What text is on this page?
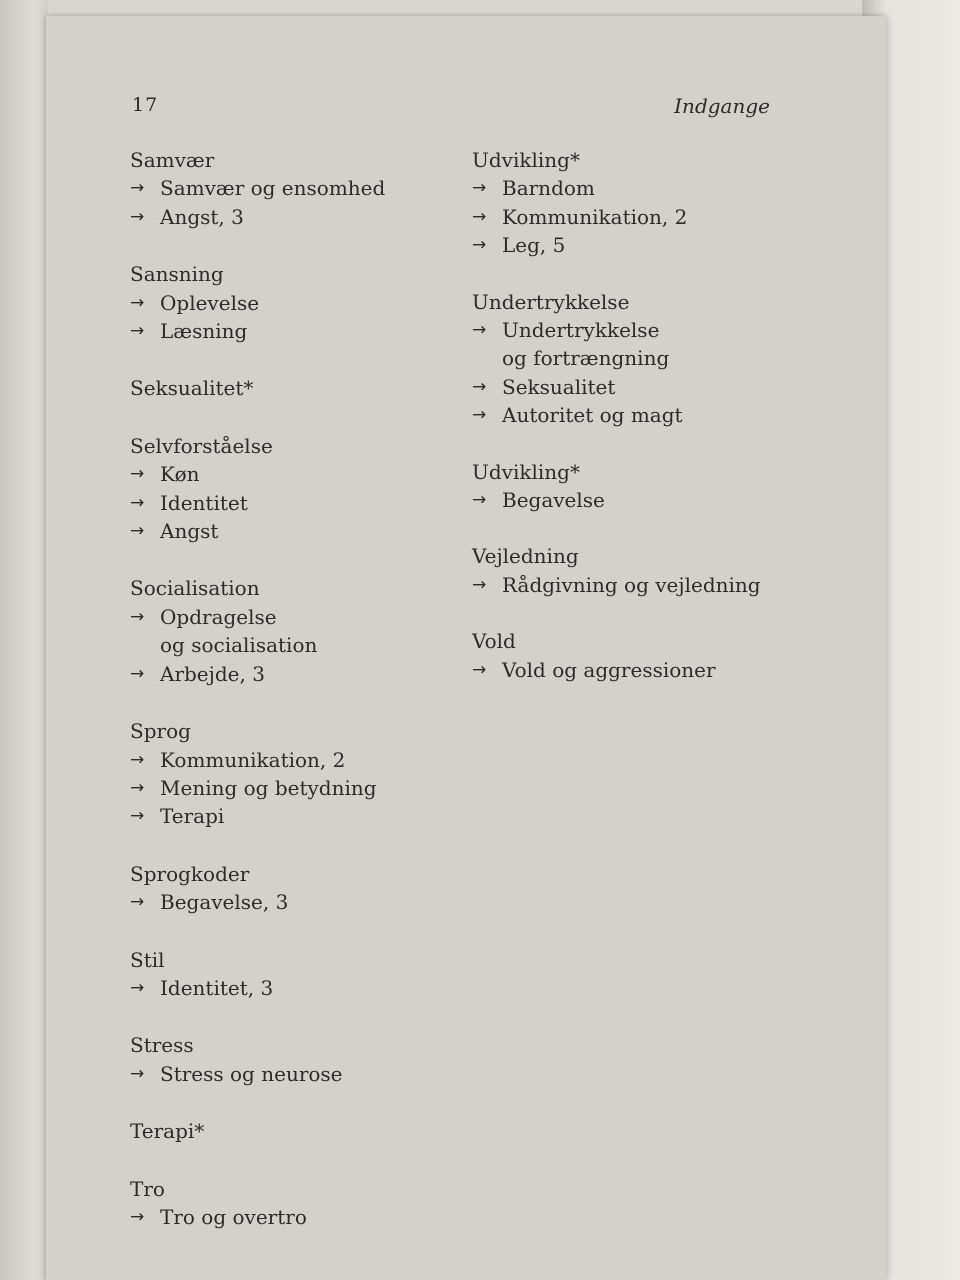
17	Indgange
Samvær
→ Samvær og ensomhed
→ Angst, 3
Sansning
→ Oplevelse
→ Læsning
Seksualitet*
Selvforståelse
→ Køn
→ Identitet
→ Angst
Socialisation
→ Opdragelse
og socialisation
→ Arbejde, 3
Sprog
→ Kommunikation, 2
→ Mening og betydning
→ Terapi
Sprogkoder
→ Begavelse, 3
Stil
→ Identitet, 3
Stress
→ Stress og neurose
Terapi*
Tro
→ Tro og overtro
Udvikling*
→ Barndom
→ Kommunikation, 2
→ Leg, 5
Undertrykkelse
→ Undertrykkelse
og fortrængning
→ Seksualitet
→ Autoritet og magt
Udvikling*
→ Begavelse
Vejledning
→ Rådgivning og vejledning
Vold
→ Vold og aggressioner
